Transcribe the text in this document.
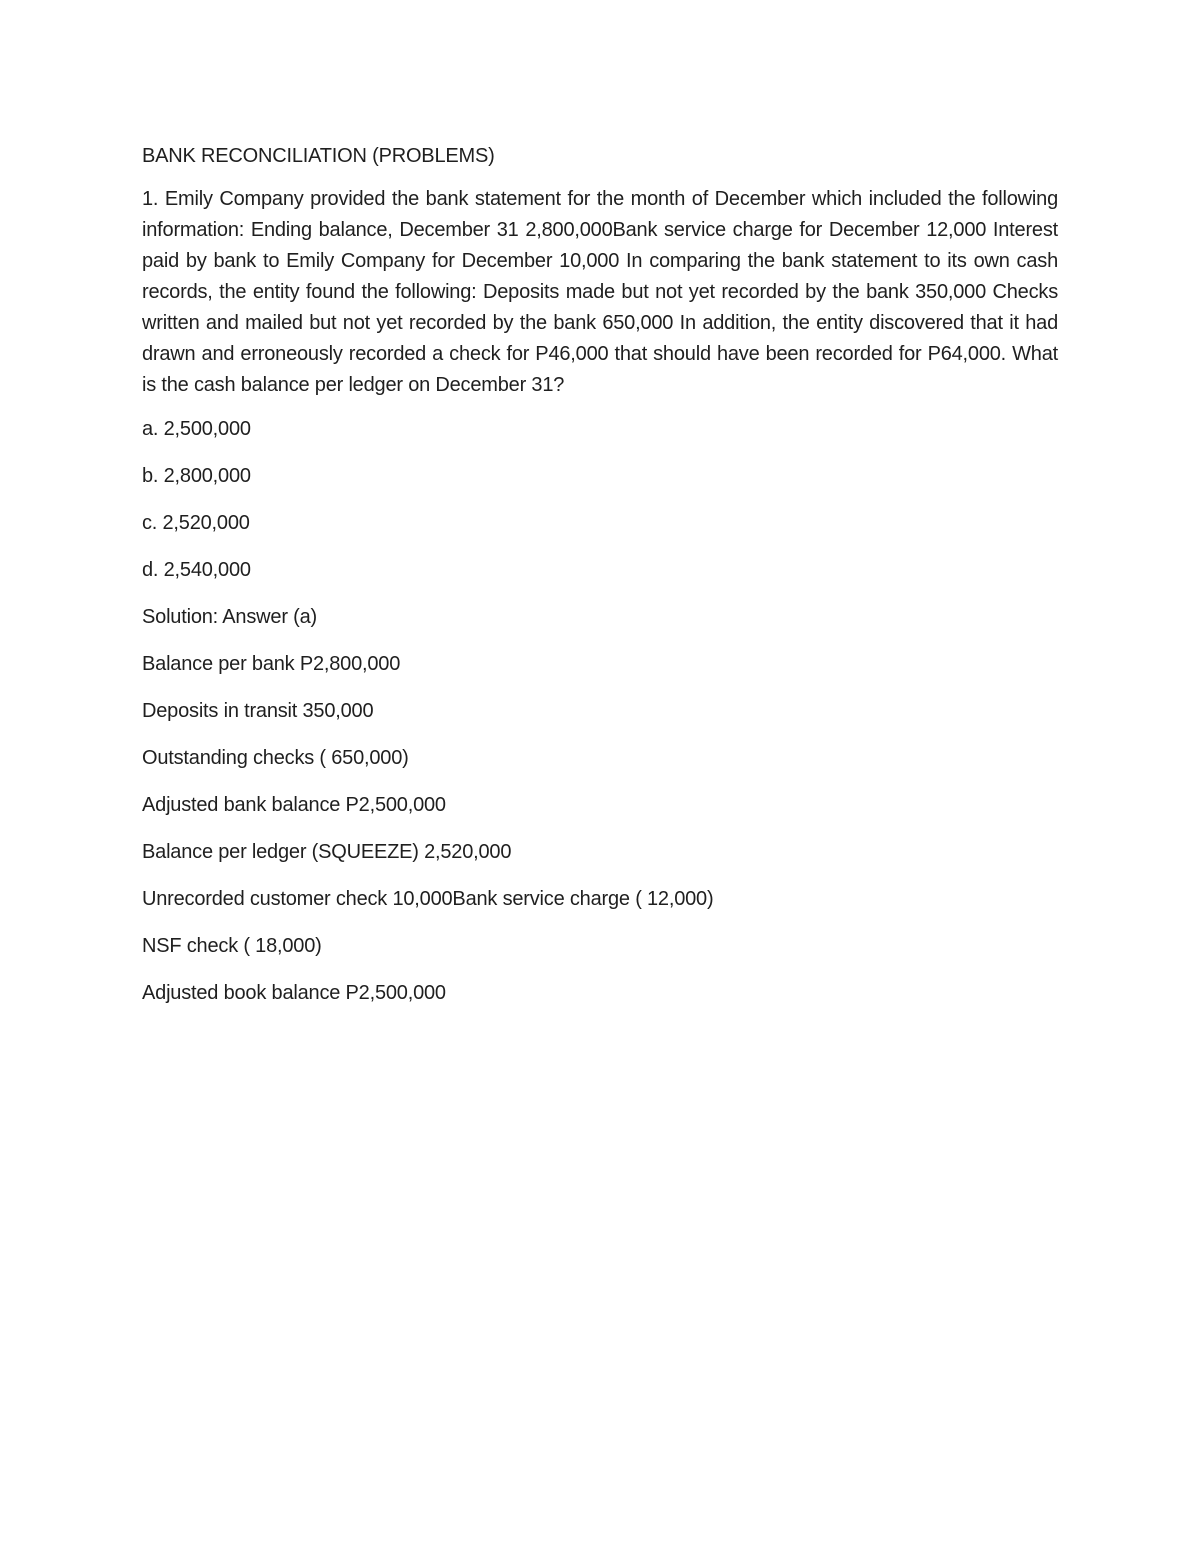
BANK RECONCILIATION (PROBLEMS)

1. Emily Company provided the bank statement for the month of December which included the following information: Ending balance, December 31 2,800,000Bank service charge for December 12,000 Interest paid by bank to Emily Company for December 10,000 In comparing the bank statement to its own cash records, the entity found the following: Deposits made but not yet recorded by the bank 350,000 Checks written and mailed but not yet recorded by the bank 650,000 In addition, the entity discovered that it had drawn and erroneously recorded a check for P46,000 that should have been recorded for P64,000. What is the cash balance per ledger on December 31?

a. 2,500,000

b. 2,800,000

c. 2,520,000

d. 2,540,000

Solution: Answer (a)

Balance per bank P2,800,000

Deposits in transit 350,000

Outstanding checks ( 650,000)

Adjusted bank balance P2,500,000

Balance per ledger (SQUEEZE) 2,520,000

Unrecorded customer check 10,000Bank service charge ( 12,000)

NSF check ( 18,000)

Adjusted book balance P2,500,000
